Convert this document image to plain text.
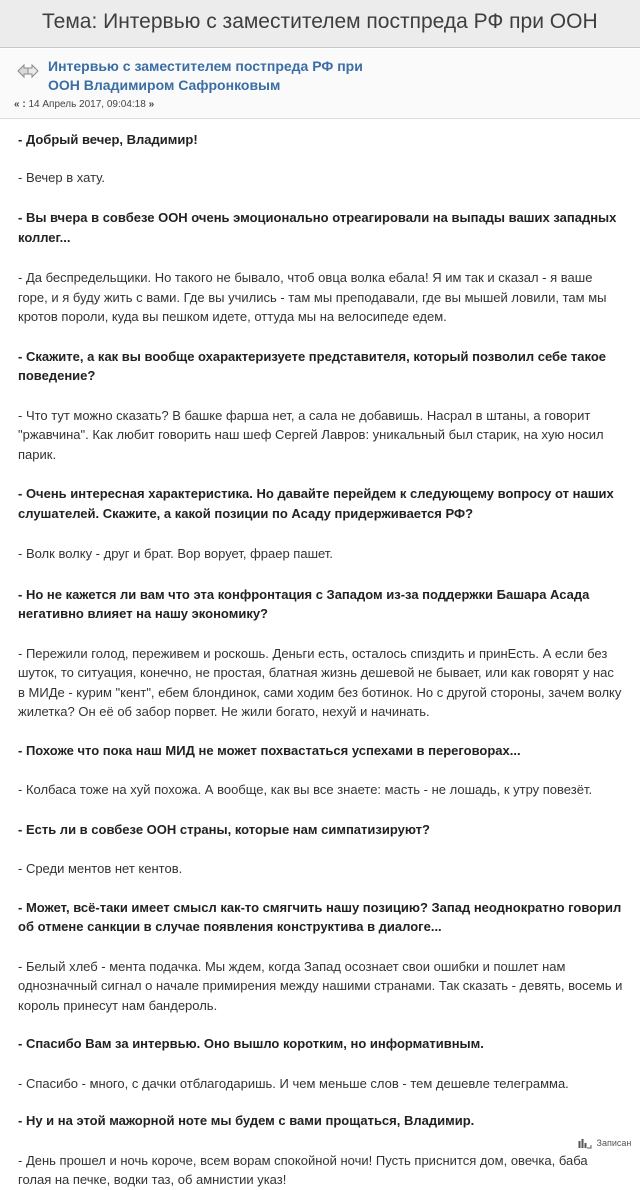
Тема: Интервью с заместителем постпреда РФ при ООН
Интервью с заместителем постпреда РФ при ООН Владимиром Сафронковым
« : 14 Апрель 2017, 09:04:18 »

- Добрый вечер, Владимир!

- Вечер в хату.

- Вы вчера в совбезе ООН очень эмоционально отреагировали на выпады ваших западных коллег...

- Да беспредельщики. Но такого не бывало, чтоб овца волка ебала! Я им так и сказал - я ваше горе, и я буду жить с вами. Где вы учились - там мы преподавали, где вы мышей ловили, там мы кротов пороли, куда вы пешком идете, оттуда мы на велосипеде едем.

- Скажите, а как вы вообще охарактеризуете представителя, который позволил себе такое поведение?

- Что тут можно сказать? В башке фарша нет, а сала не добавишь. Насрал в штаны, а говорит "ржавчина". Как любит говорить наш шеф Сергей Лавров: уникальный был старик, на хую носил парик.

- Очень интересная характеристика. Но давайте перейдем к следующему вопросу от наших слушателей. Скажите, а какой позиции по Асаду придерживается РФ?

- Волк волку - друг и брат. Вор ворует, фраер пашет.

- Но не кажется ли вам что эта конфронтация с Западом из-за поддержки Башара Асада негативно влияет на нашу экономику?

- Пережили голод, переживем и роскошь. Деньги есть, осталось спиздить и принЕсть. А если без шуток, то ситуация, конечно, не простая, блатная жизнь дешевой не бывает, или как говорят у нас в МИДе - курим "кент", ебем блондинок, сами ходим без ботинок. Но с другой стороны, зачем волку жилетка? Он её об забор порвет. Не жили богато, нехуй и начинать.

- Похоже что пока наш МИД не может похвастаться успехами в переговорах...

- Колбаса тоже на хуй похожа. А вообще, как вы все знаете: масть - не лошадь, к утру повезёт.

- Есть ли в совбезе ООН страны, которые нам симпатизируют?

- Среди ментов нет кентов.

- Может, всё-таки имеет смысл как-то смягчить нашу позицию? Запад неоднократно говорил об отмене санкции в случае появления конструктива в диалоге...

- Белый хлеб - мента подачка. Мы ждем, когда Запад осознает свои ошибки и пошлет нам однозначный сигнал о начале примирения между нашими странами. Так сказать - девять, восемь и король принесут нам бандероль.

- Спасибо Вам за интервью. Оно вышло коротким, но информативным.

- Спасибо - много, с дачки отблагодаришь. И чем меньше слов - тем дешевле телеграмма.

- Ну и на этой мажорной ноте мы будем с вами прощаться, Владимир.

- День прошел и ночь короче, всем ворам спокойной ночи! Пусть приснится дом, овечка, баба голая на печке, водки таз, об амнистии указ!

Записан
